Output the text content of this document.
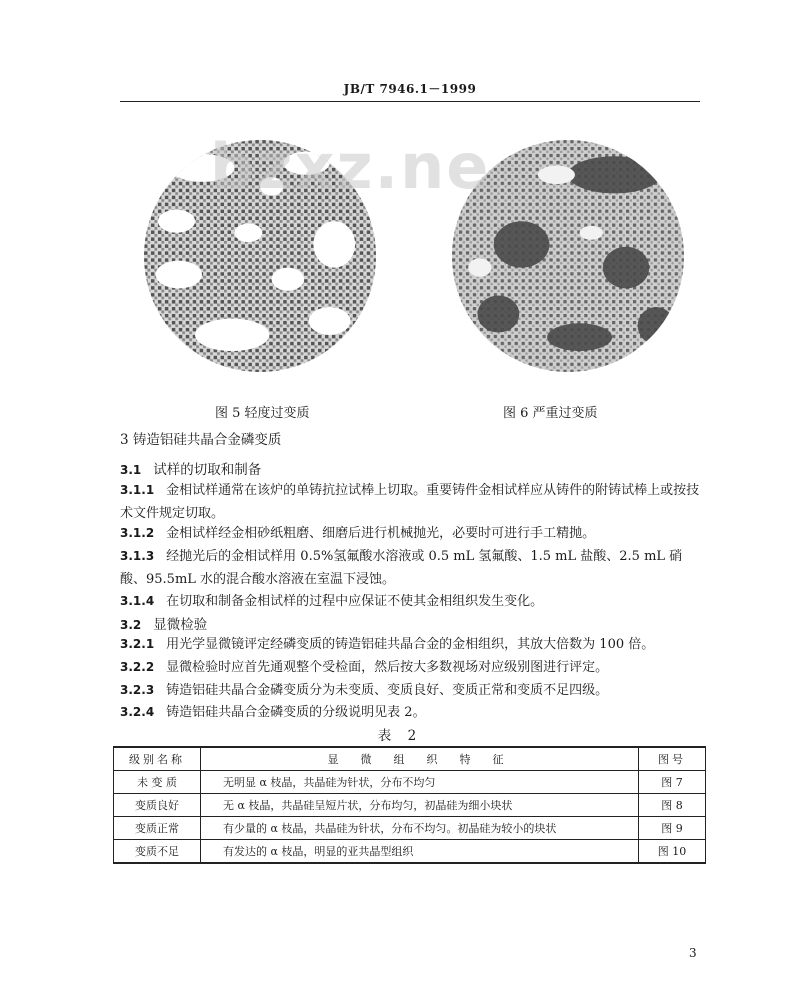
JB/T 7946.1－1999
bzxz.ne
图 5 轻度过变质	图 6 严重过变质
3 铸造铝硅共晶合金磷变质
3.1 试样的切取和制备
3.1.1 金相试样通常在该炉的单铸抗拉试棒上切取。重要铸件金相试样应从铸件的附铸试棒上或按技术文件规定切取。
3.1.2 金相试样经金相砂纸粗磨、细磨后进行机械抛光，必要时可进行手工精抛。
3.1.3 经抛光后的金相试样用 0.5%氢氟酸水溶液或 0.5 mL 氢氟酸、1.5 mL 盐酸、2.5 mL 硝酸、95.5mL 水的混合酸水溶液在室温下浸蚀。
3.1.4 在切取和制备金相试样的过程中应保证不使其金相组织发生变化。
3.2 显微检验
3.2.1 用光学显微镜评定经磷变质的铸造铝硅共晶合金的金相组织，其放大倍数为 100 倍。
3.2.2 显微检验时应首先通观整个受检面，然后按大多数视场对应级别图进行评定。
3.2.3 铸造铝硅共晶合金磷变质分为未变质、变质良好、变质正常和变质不足四级。
3.2.4 铸造铝硅共晶合金磷变质的分级说明见表 2。
表 2
级别名称	显微组织特征	图号
未 变 质	无明显 α 枝晶，共晶硅为针状，分布不均匀	图 7
变质良好	无 α 枝晶，共晶硅呈短片状，分布均匀，初晶硅为细小块状	图 8
变质正常	有少量的 α 枝晶，共晶硅为针状，分布不均匀。初晶硅为较小的块状	图 9
变质不足	有发达的 α 枝晶，明显的亚共晶型组织	图 10
3
